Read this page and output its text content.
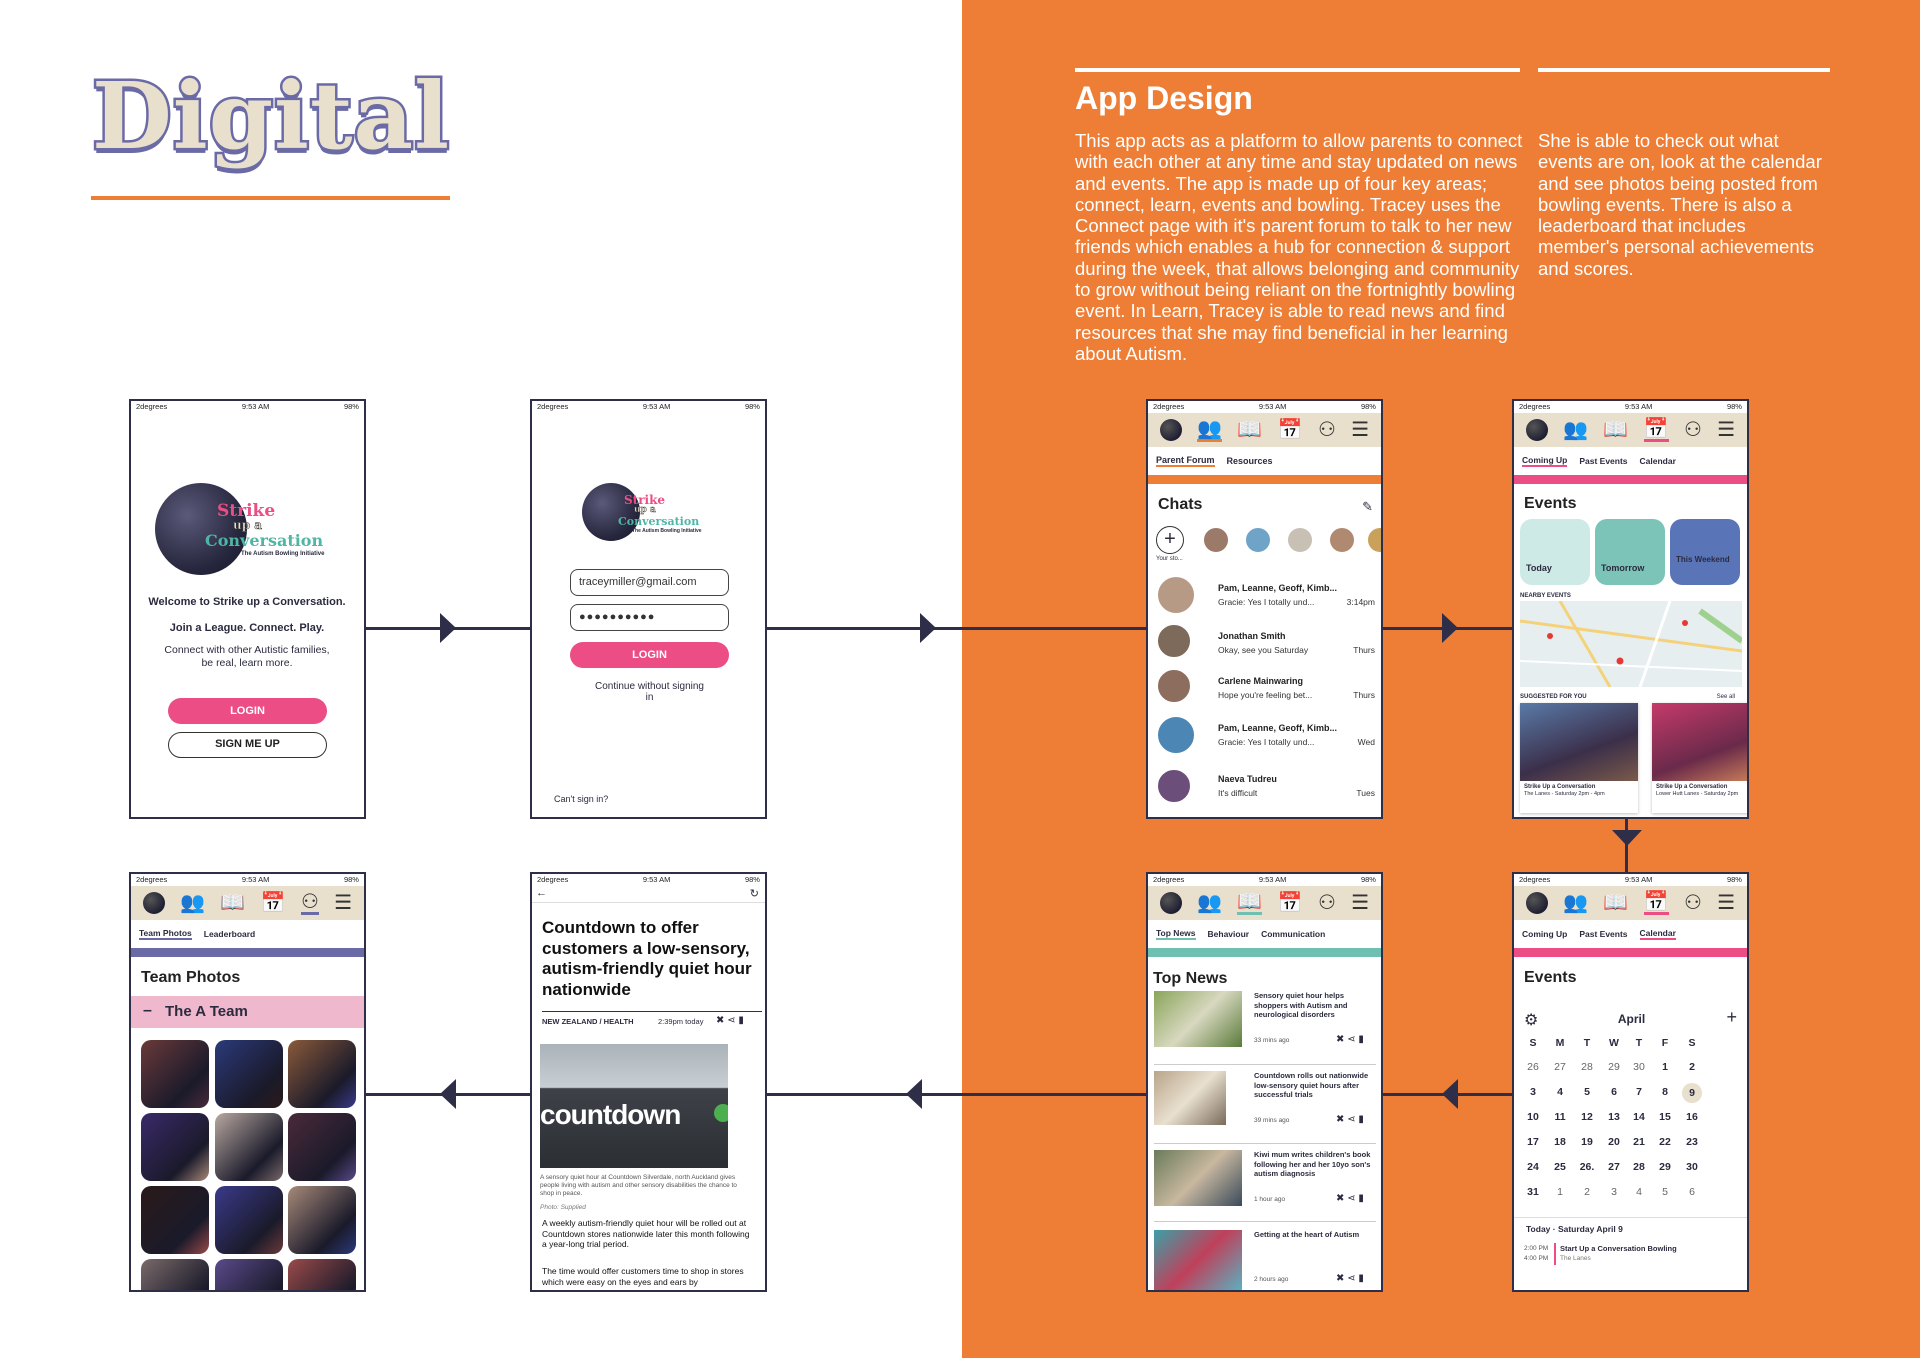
Digital	App Design
This app acts as a platform to allow parents to connect with each other at any time and stay updated on news and events. The app is made up of four key areas; connect, learn, events and bowling. Tracey uses the Connect page with it's parent forum to talk to her new friends which enables a hub for connection & support during the week, that allows belonging and community to grow without being reliant on the fortnightly bowling event. In Learn, Tracey is able to read news and find resources that she may find beneficial in her learning about Autism.
She is able to check out what events are on, look at the calendar and see photos being posted from bowling events. There is also a leaderboard that includes member's personal achievements and scores.
2degrees	9:53 AM	98%
Strike
up a
Conversation
The Autism Bowling Initiative
Welcome to Strike up a Conversation.
Join a League. Connect. Play.
Connect with other Autistic families, be real, learn more.
LOGIN
SIGN ME UP
2degrees	9:53 AM	98%
Strike
up a
Conversation
The Autism Bowling Initiative
traceymiller@gmail.com
●●●●●●●●●●
LOGIN
Continue without signing in
Can't sign in?
2degrees	9:53 AM	98%
👥 📖 📅 ⚇ ☰
Parent Forum Resources
Chats	✎
+
Your sto...
Pam, Leanne, Geoff, Kimb...
Gracie: Yes I totally und...	3:14pm
Jonathan Smith
Okay, see you Saturday	Thurs
Carlene Mainwaring
Hope you're feeling bet...	Thurs
Pam, Leanne, Geoff, Kimb...
Gracie: Yes I totally und...	Wed
Naeva Tudreu
It's difficult	Tues
2degrees	9:53 AM	98%
👥 📖 📅 ⚇ ☰
Coming Up Past Events Calendar
Events
Today	Tomorrow
This Weekend
NEARBY EVENTS
SUGGESTED FOR YOU	See all
Strike Up a Conversation
The Lanes - Saturday 2pm - 4pm
Strike Up a Conversation
Lower Hutt Lanes - Saturday 2pm
2degrees	9:53 AM	98%
👥 📖 📅 ⚇ ☰
Coming Up Past Events Calendar
Events
⚙	April	+
S	M	T	W	T	F	S
26	27	28	29	30	1	2
3	4	5	6	7	8	9
10	11	12	13	14	15	16
17	18	19	20	21	22	23
24	25	26.	27	28	29	30
31	1	2	3	4	5	6
Today · Saturday April 9
2:00 PM
4:00 PM
Start Up a Conversation Bowling
The Lanes
2degrees	9:53 AM	98%
👥 📖 📅 ⚇ ☰
Top News Behaviour Communication
Top News
Sensory quiet hour helps shoppers with Autism and neurological disorders
33 mins ago	✖ ⋖ ▮
Countdown rolls out nationwide low-sensory quiet hours after successful trials
39 mins ago	✖ ⋖ ▮
Kiwi mum writes children's book following her and her 10yo son's autism diagnosis
1 hour ago	✖ ⋖ ▮
Getting at the heart of Autism
2 hours ago	✖ ⋖ ▮
2degrees	9:53 AM	98%
←	↻
Countdown to offer customers a low-sensory, autism-friendly quiet hour nationwide
NEW ZEALAND / HEALTH	2:39pm today ✖ ⋖ ▮
countdown
A sensory quiet hour at Countdown Silverdale, north Auckland gives people living with autism and other sensory disabilities the chance to shop in peace.
Photo: Supplied
A weekly autism-friendly quiet hour will be rolled out at Countdown stores nationwide later this month following a year-long trial period.
The time would offer customers time to shop in stores which were easy on the eyes and ears by
2degrees	9:53 AM	98%
👥 📖 📅 ⚇ ☰
Team Photos Leaderboard
Team Photos
– The A Team
